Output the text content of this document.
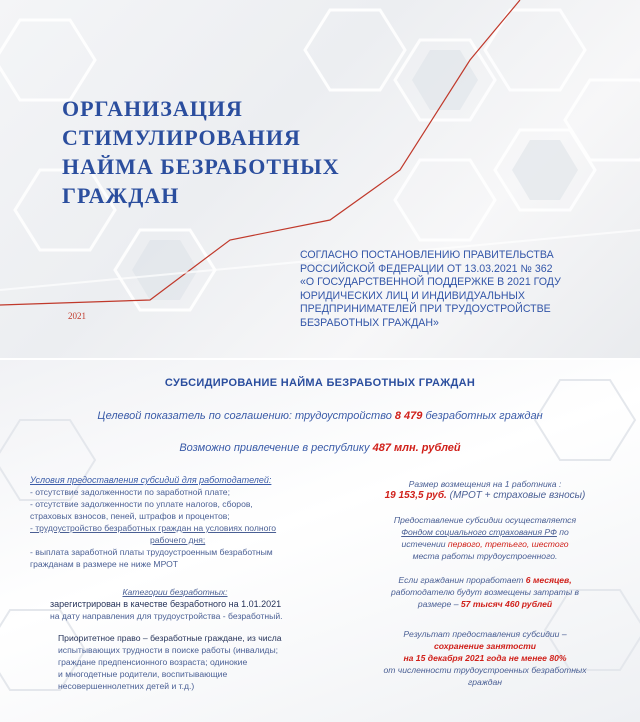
ОРГАНИЗАЦИЯ
СТИМУЛИРОВАНИЯ
НАЙМА БЕЗРАБОТНЫХ
ГРАЖДАН
СОГЛАСНО ПОСТАНОВЛЕНИЮ ПРАВИТЕЛЬСТВА
РОССИЙСКОЙ ФЕДЕРАЦИИ ОТ 13.03.2021 № 362
«О ГОСУДАРСТВЕННОЙ ПОДДЕРЖКЕ В 2021 ГОДУ
ЮРИДИЧЕСКИХ ЛИЦ И ИНДИВИДУАЛЬНЫХ
ПРЕДПРИНИМАТЕЛЕЙ ПРИ ТРУДОУСТРОЙСТВЕ
БЕЗРАБОТНЫХ ГРАЖДАН»
2021
СУБСИДИРОВАНИЕ НАЙМА БЕЗРАБОТНЫХ ГРАЖДАН
Целевой показатель по соглашению: трудоустройство 8 479 безработных граждан
Возможно привлечение в республику 487 млн. рублей
Условия предоставления субсидий для работодателей:
- отсутствие задолженности по заработной плате;
- отсутствие задолженности по уплате налогов, сборов,
страховых взносов, пеней, штрафов и процентов;
- трудоустройство безработных граждан на условиях полного
рабочего дня;
- выплата заработной платы трудоустроенным безработным
гражданам в размере не ниже МРОТ
Категории безработных:
зарегистрирован в качестве безработного на 1.01.2021
на дату направления для трудоустройства - безработный.
Приоритетное право – безработные граждане, из числа
испытывающих трудности в поиске работы (инвалиды;
граждане предпенсионного возраста; одинокие
и многодетные родители, воспитывающие
несовершеннолетних детей и т.д.)
Размер возмещения на 1 работника :
19 153,5 руб. (МРОТ + страховые взносы)
Предоставление субсидии осуществляется
Фондом социального страхования РФ по
истечении первого, третьего, шестого
места работы трудоустроенного.
Если гражданин проработает 6 месяцев,
работодателю будут возмещены затраты в
размере – 57 тысяч 460 рублей
Результат предоставления субсидии –
сохранение занятости
на 15 декабря 2021 года не менее 80%
от численности трудоустроенных безработных
граждан
